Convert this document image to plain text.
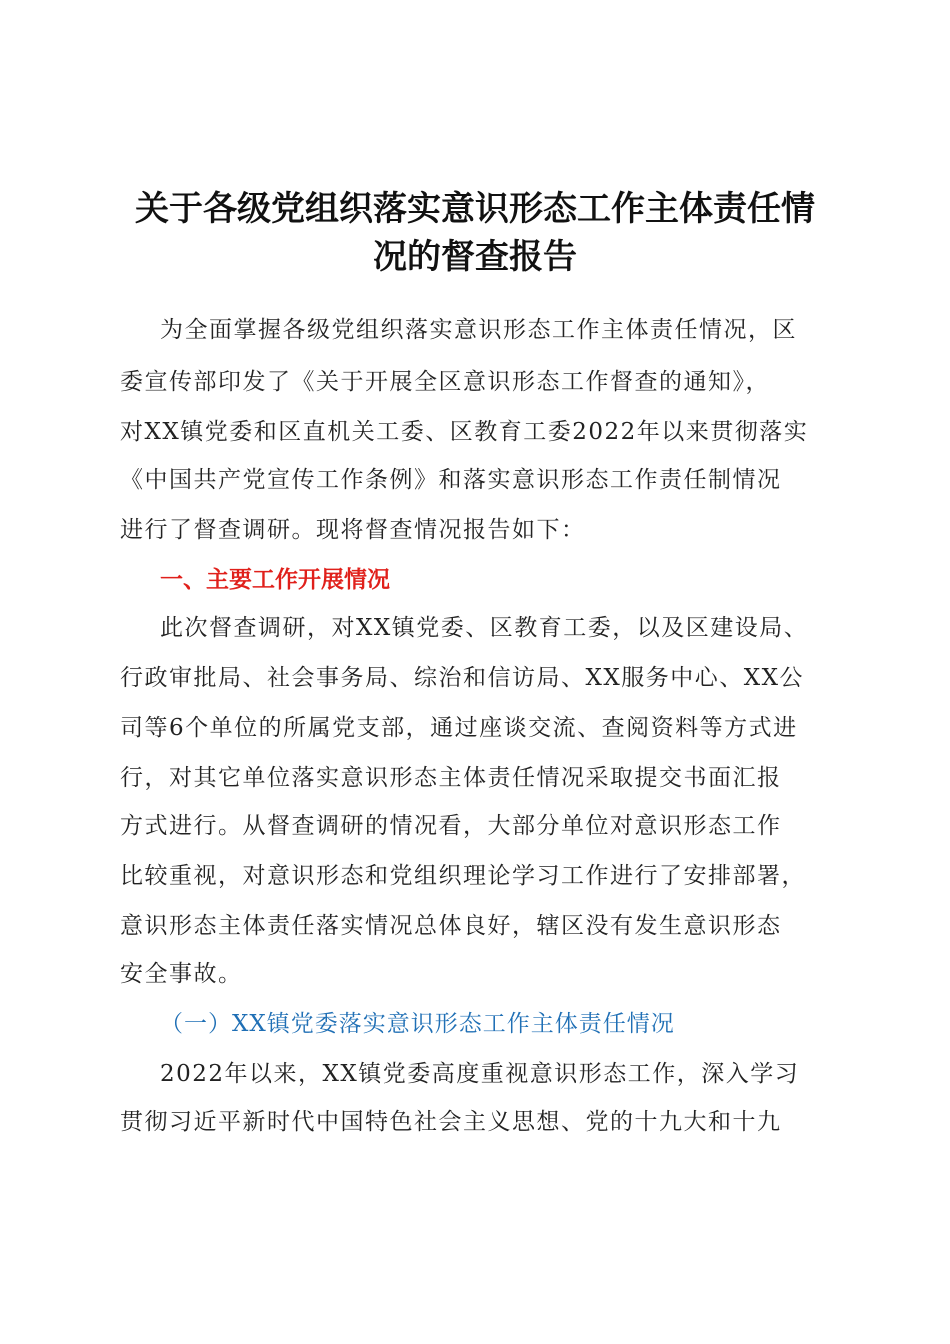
关于各级党组织落实意识形态工作主体责任情
况的督查报告
为全面掌握各级党组织落实意识形态工作主体责任情况，区
委宣传部印发了《关于开展全区意识形态工作督查的通知》，
对XX镇党委和区直机关工委、区教育工委2022年以来贯彻落实
《中国共产党宣传工作条例》和落实意识形态工作责任制情况
进行了督查调研。现将督查情况报告如下：
一、主要工作开展情况
此次督查调研，对XX镇党委、区教育工委，以及区建设局、
行政审批局、社会事务局、综治和信访局、XX服务中心、XX公
司等6个单位的所属党支部，通过座谈交流、查阅资料等方式进
行，对其它单位落实意识形态主体责任情况采取提交书面汇报
方式进行。从督查调研的情况看，大部分单位对意识形态工作
比较重视，对意识形态和党组织理论学习工作进行了安排部署，
意识形态主体责任落实情况总体良好，辖区没有发生意识形态
安全事故。
（一）XX镇党委落实意识形态工作主体责任情况
2022年以来，XX镇党委高度重视意识形态工作，深入学习
贯彻习近平新时代中国特色社会主义思想、党的十九大和十九
